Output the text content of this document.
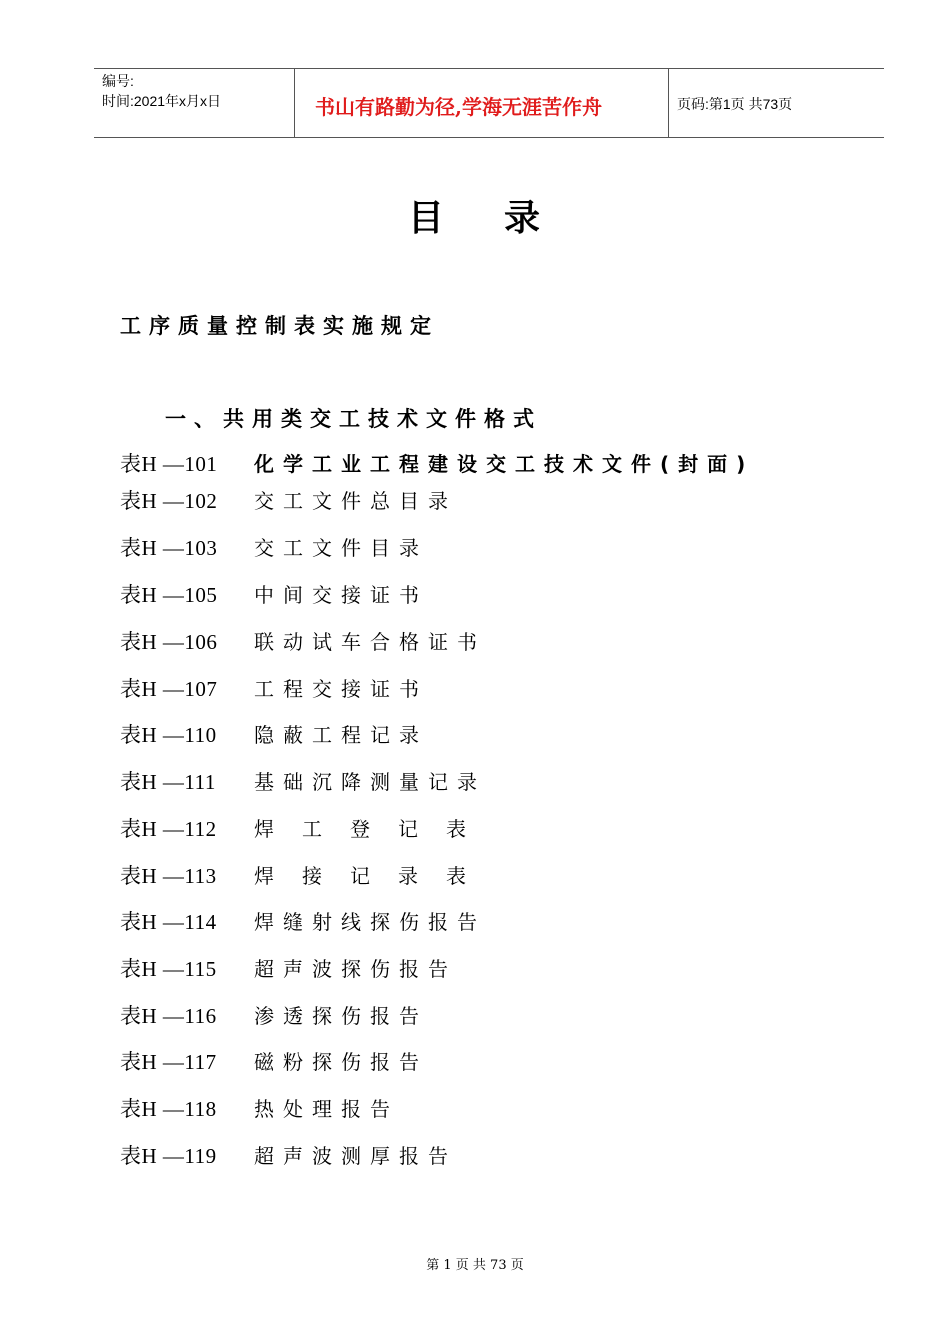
编号:
时间:2021年x月x日	书山有路勤为径,学海无涯苦作舟	页码:第1页 共73页
目    录
工序质量控制表实施规定
一、共用类交工技术文件格式
表H —101 化学工业工程建设交工技术文件(封面)
表H —102 交工文件总目录
表H —103 交工文件目录
表H —105 中间交接证书
表H —106 联动试车合格证书
表H —107 工程交接证书
表H —110 隐蔽工程记录
表H —111 基础沉降测量记录
表H —112 焊工登记表
表H —113 焊接记录表
表H —114 焊缝射线探伤报告
表H —115 超声波探伤报告
表H —116 渗透探伤报告
表H —117 磁粉探伤报告
表H —118 热处理报告
表H —119 超声波测厚报告
第 1 页 共 73 页
